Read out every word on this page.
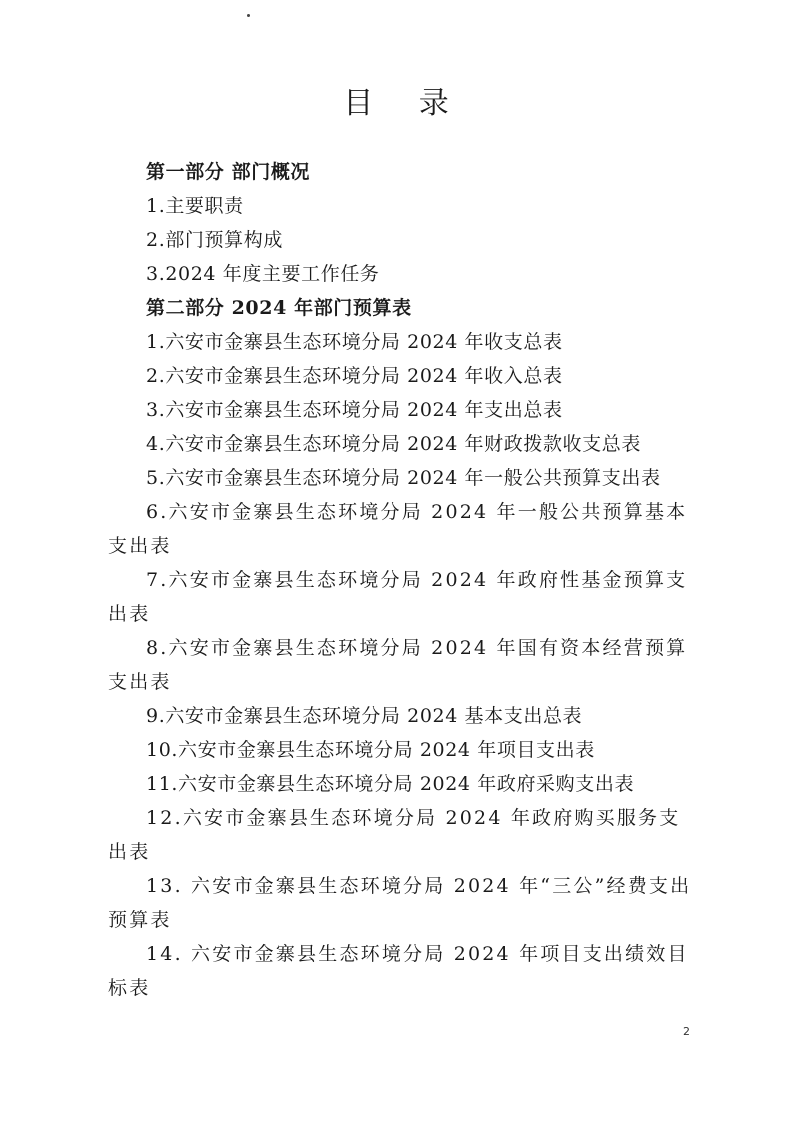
目 录
第一部分 部门概况
1.主要职责
2.部门预算构成
3.2024 年度主要工作任务
第二部分 2024 年部门预算表
1.六安市金寨县生态环境分局 2024 年收支总表
2.六安市金寨县生态环境分局 2024 年收入总表
3.六安市金寨县生态环境分局 2024 年支出总表
4.六安市金寨县生态环境分局 2024 年财政拨款收支总表
5.六安市金寨县生态环境分局 2024 年一般公共预算支出表
6.六安市金寨县生态环境分局 2024 年一般公共预算基本支出表
7.六安市金寨县生态环境分局 2024 年政府性基金预算支出表
8.六安市金寨县生态环境分局 2024 年国有资本经营预算支出表
9.六安市金寨县生态环境分局 2024 基本支出总表
10.六安市金寨县生态环境分局 2024 年项目支出表
11.六安市金寨县生态环境分局 2024 年政府采购支出表
12.六安市金寨县生态环境分局 2024 年政府购买服务支出表
13. 六安市金寨县生态环境分局 2024 年“三公”经费支出预算表
14. 六安市金寨县生态环境分局 2024 年项目支出绩效目标表
2
